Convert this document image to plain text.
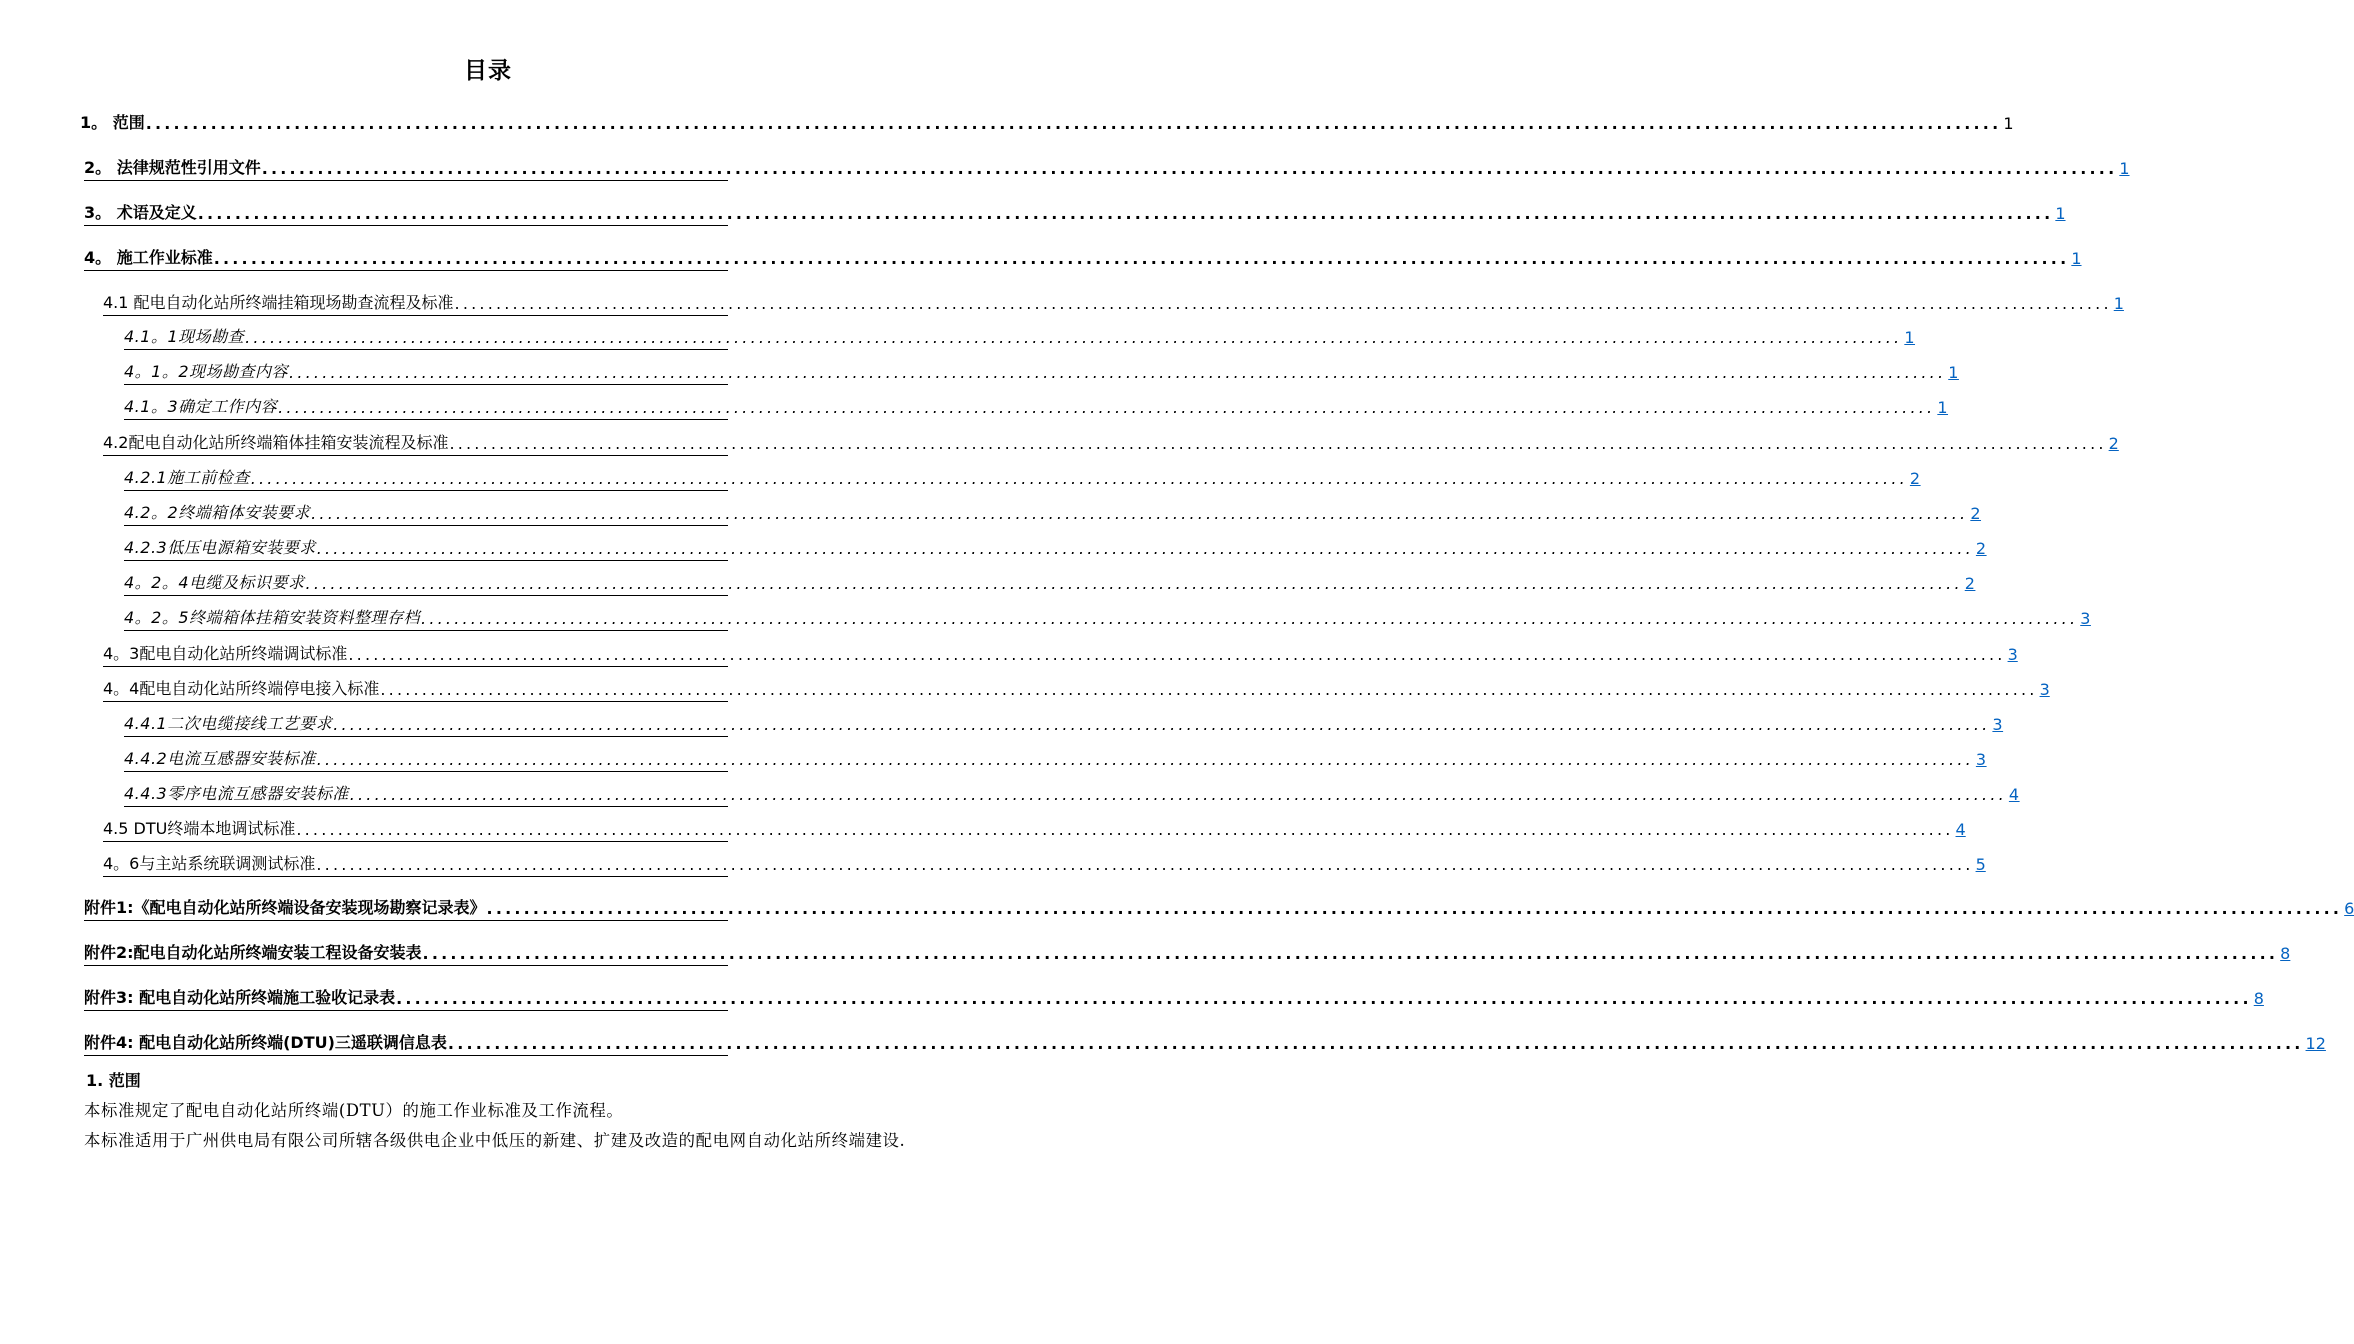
目录
1。 范围 ........................................................................................................................................................................................................ 1
2。 法律规范性引用文件 ........................................................................................................................................................................................................ 1
3。 术语及定义 ........................................................................................................................................................................................................ 1
4。 施工作业标准 ........................................................................................................................................................................................................ 1
4.1 配电自动化站所终端挂箱现场勘查流程及标准 ........................................................................................................................................................................................................ 1
4.1。1现场勘查 ........................................................................................................................................................................................................ 1
4。1。2现场勘查内容 ........................................................................................................................................................................................................ 1
4.1。3确定工作内容 ........................................................................................................................................................................................................ 1
4.2配电自动化站所终端箱体挂箱安装流程及标准 ........................................................................................................................................................................................................ 2
4.2.1施工前检查 ........................................................................................................................................................................................................ 2
4.2。2终端箱体安装要求 ........................................................................................................................................................................................................ 2
4.2.3低压电源箱安装要求 ........................................................................................................................................................................................................ 2
4。2。4电缆及标识要求 ........................................................................................................................................................................................................ 2
4。2。5终端箱体挂箱安装资料整理存档 ........................................................................................................................................................................................................ 3
4。3配电自动化站所终端调试标准 ........................................................................................................................................................................................................ 3
4。4配电自动化站所终端停电接入标准 ........................................................................................................................................................................................................ 3
4.4.1二次电缆接线工艺要求 ........................................................................................................................................................................................................ 3
4.4.2电流互感器安装标准 ........................................................................................................................................................................................................ 3
4.4.3零序电流互感器安装标准 ........................................................................................................................................................................................................ 4
4.5 DTU终端本地调试标准 ........................................................................................................................................................................................................ 4
4。6与主站系统联调测试标准 ........................................................................................................................................................................................................ 5
附件1:《配电自动化站所终端设备安装现场勘察记录表》 ........................................................................................................................................................................................................ 6
附件2:配电自动化站所终端安装工程设备安装表 ........................................................................................................................................................................................................ 8
附件3: 配电自动化站所终端施工验收记录表 ........................................................................................................................................................................................................ 8
附件4: 配电自动化站所终端(DTU)三遥联调信息表 ........................................................................................................................................................................................................ 12
1. 范围

本标准规定了配电自动化站所终端(DTU）的施工作业标准及工作流程。

本标准适用于广州供电局有限公司所辖各级供电企业中低压的新建、扩建及改造的配电网自动化站所终端建设.
